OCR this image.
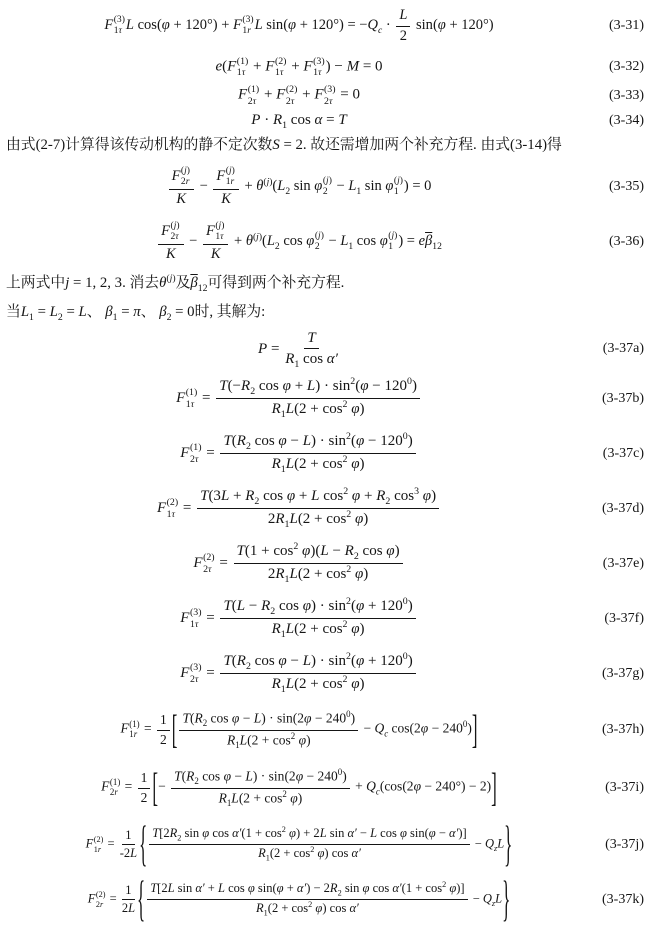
F (3)
1τ L cos(φ + 120°) + F (3)
1r L $\sin(\varphi + 120^\circ) = -Q_c \cdot \frac{L}{2} \sin(\varphi + 120^\circ)$	(3-31)
e(F (1)
1τ + F (2)
1τ + F (3)
1τ ) − M = 0	(3-32)
F (1)
2τ + F (2)
2τ + F (3)
2τ = 0	(3-33)
$P \cdot R_1$ cos α = T	(3-34)
由式(2-7)计算得该传动机构的静不定次数S = 2. 故还需增加两个补充方程. 由式(3-14)得
F (j)
2r
K − F (j)
1r
$K + \theta^{(j)}(L_2$ sin φ (j)
$2 - L_1$ sin φ (j)
1 ) = 0	(3-35)
F (j)
2τ
K − F (j)
1τ
$K + \theta^{(j)}(L_2$ cos φ (j)
$2 - L_1$ cos φ (j)
1 ) = $e\overline{\beta}_{12}$	(3-36)
上两式中j = 1, 2, 3. 消去$\theta^{(j)}$及$\overline{\beta}_{12}$可得到两个补充方程.
当$L_1 = L_2 = L$、 $\beta_1 = \pi$、 $\beta_2 = 0$时, 其解为:
$P = \frac{T}{R_1 \cos \alpha'}$	(3-37a)
F (1)
$1\tau = \frac{T(-R_2 \cos \varphi + L) \cdot \sin^2(\varphi - 120^0)}{R_1L(2 + \cos^2 \varphi)}$	(3-37b)
F (1)
$2\tau = \frac{T(R_2 \cos \varphi - L) \cdot \sin^2(\varphi - 120^0)}{R_1L(2 + \cos^2 \varphi)}$	(3-37c)
F (2)
$1\tau = \frac{T(3L + R_2 \cos \varphi + L \cos^2 \varphi + R_2 \cos^3 \varphi)}{2R_1L(2 + \cos^2 \varphi)}$	(3-37d)
F (2)
$2\tau = \frac{T(1 + \cos^2 \varphi)(L - R_2 \cos \varphi)}{2R_1L(2 + \cos^2 \varphi)}$	(3-37e)
F (3)
$1\tau = \frac{T(L - R_2 \cos \varphi) \cdot \sin^2(\varphi + 120^0)}{R_1L(2 + \cos^2 \varphi)}$	(3-37f)
F (3)
$2\tau = \frac{T(R_2 \cos \varphi - L) \cdot \sin^2(\varphi + 120^0)}{R_1L(2 + \cos^2 \varphi)}$	(3-37g)
F (1)
$1r = \frac{1}{2}$ [ $\frac{T(R_2 \cos \varphi - L) \cdot \sin(2\varphi - 240^0)}{R_1L(2 + \cos^2 \varphi)} - Q_c$ $\cos(2\varphi - 240^0)$]	(3-37h)
F (1)
$2r = \frac{1}{2}$ [− $\frac{T(R_2 \cos \varphi - L) \cdot \sin(2\varphi - 240^0)}{R_1L(2 + \cos^2 \varphi)} + Q_c(\cos(2\varphi - 240^\circ) - 2)$]	(3-37i)
F (2)
$1r = \frac{1}{-2L}$ { $T[2R_2$ sin φ $\cos \alpha'(1 + \cos^2 \varphi) + 2L$ sin α′ − L cos φ sin(φ − α′)]
$R_1(2 + \cos^2 \varphi)$ cos α′
− $Q_zL$}	(3-37j)
F (2)
$2r = \frac{1}{2L}$ { T[2L sin α′ + L cos φ $\sin(\varphi + \alpha') - 2R_2$ sin φ $\cos \alpha'(1 + \cos^2 \varphi)$]
$R_1(2 + \cos^2 \varphi)$ cos α′
− $Q_zL$}	(3-37k)
